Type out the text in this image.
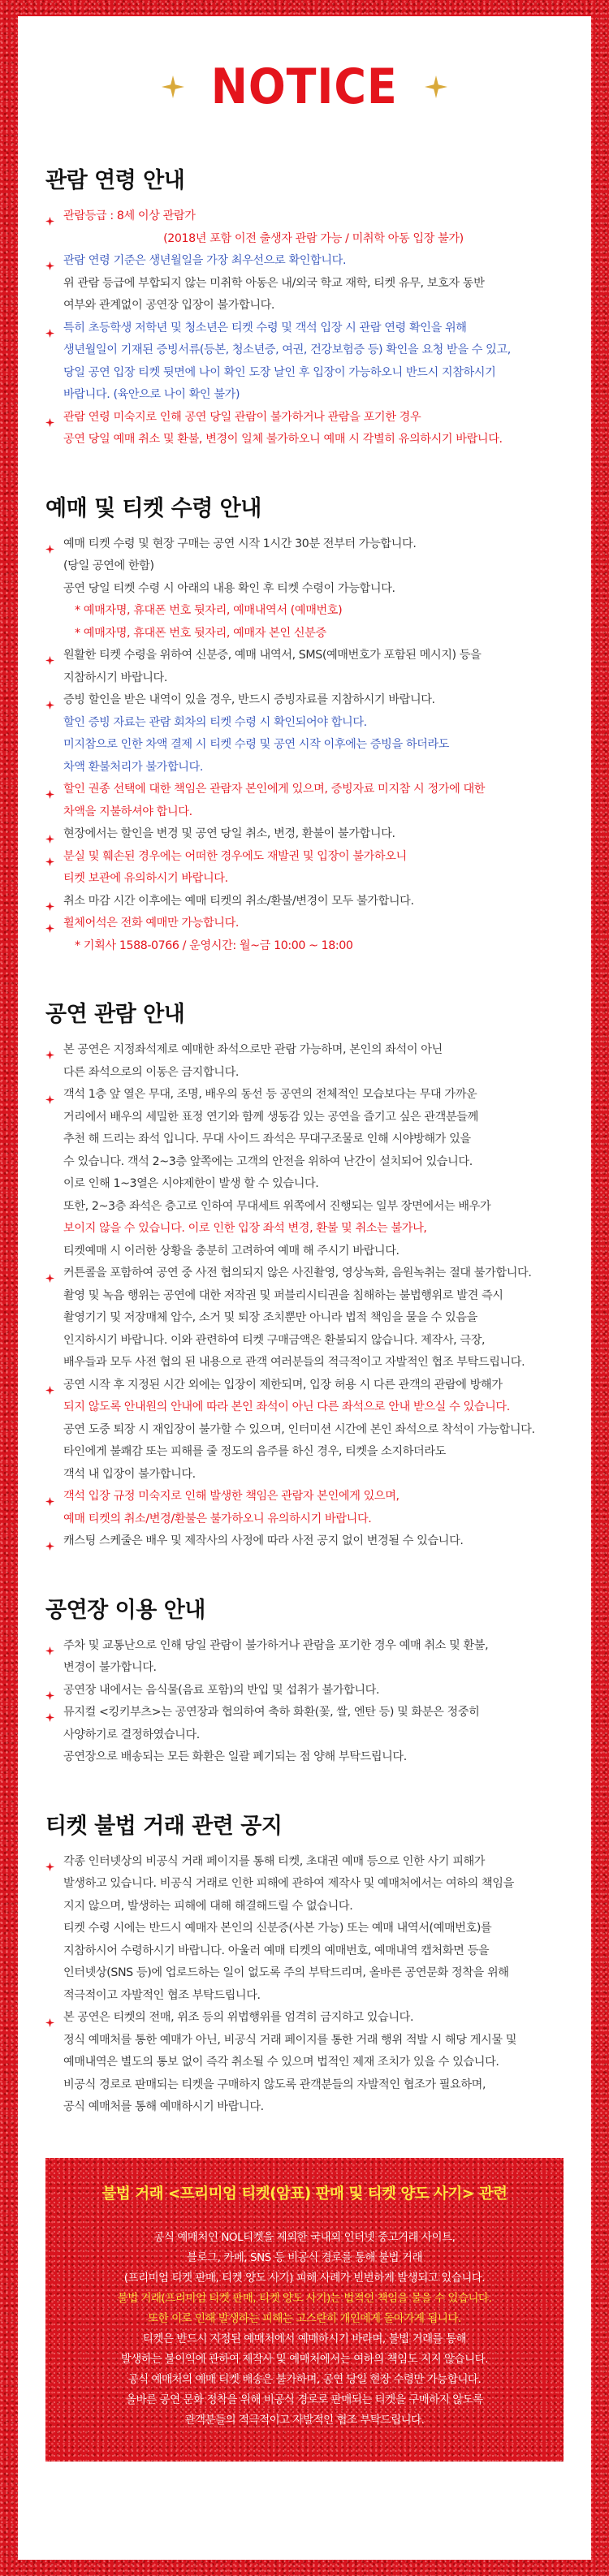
NOTICE
관람 연령 안내
관람등급 : 8세 이상 관람가
(2018년 포함 이전 출생자 관람 가능 / 미취학 아동 입장 불가)
관람 연령 기준은 생년월일을 가장 최우선으로 확인합니다.
위 관람 등급에 부합되지 않는 미취학 아동은 내/외국 학교 재학, 티켓 유무, 보호자 동반
여부와 관계없이 공연장 입장이 불가합니다.
특히 초등학생 저학년 및 청소년은 티켓 수령 및 객석 입장 시 관람 연령 확인을 위해
생년월일이 기재된 증빙서류(등본, 청소년증, 여권, 건강보험증 등) 확인을 요청 받을 수 있고,
당일 공연 입장 티켓 뒷면에 나이 확인 도장 날인 후 입장이 가능하오니 반드시 지참하시기
바랍니다. (육안으로 나이 확인 불가)
관람 연령 미숙지로 인해 공연 당일 관람이 불가하거나 관람을 포기한 경우
공연 당일 예매 취소 및 환불, 변경이 일체 불가하오니 예매 시 각별히 유의하시기 바랍니다.
예매 및 티켓 수령 안내
예매 티켓 수령 및 현장 구매는 공연 시작 1시간 30분 전부터 가능합니다.
(당일 공연에 한함)
공연 당일 티켓 수령 시 아래의 내용 확인 후 티켓 수령이 가능합니다.
* 예매자명, 휴대폰 번호 뒷자리, 예매내역서 (예매번호)
* 예매자명, 휴대폰 번호 뒷자리, 예매자 본인 신분증
원활한 티켓 수령을 위하여 신분증, 예매 내역서, SMS(예매번호가 포함된 메시지) 등을
지참하시기 바랍니다.
증빙 할인을 받은 내역이 있을 경우, 반드시 증빙자료를 지참하시기 바랍니다.
할인 증빙 자료는 관람 회차의 티켓 수령 시 확인되어야 합니다.
미지참으로 인한 차액 결제 시 티켓 수령 및 공연 시작 이후에는 증빙을 하더라도
차액 환불처리가 불가합니다.
할인 권종 선택에 대한 책임은 관람자 본인에게 있으며, 증빙자료 미지참 시 정가에 대한
차액을 지불하셔야 합니다.
현장에서는 할인을 변경 및 공연 당일 취소, 변경, 환불이 불가합니다.
분실 및 훼손된 경우에는 어떠한 경우에도 재발권 및 입장이 불가하오니
티켓 보관에 유의하시기 바랍니다.
취소 마감 시간 이후에는 예매 티켓의 취소/환불/변경이 모두 불가합니다.
휠체어석은 전화 예매만 가능합니다.
* 기획사 1588-0766 / 운영시간: 월~금 10:00 ~ 18:00
공연 관람 안내
본 공연은 지정좌석제로 예매한 좌석으로만 관람 가능하며, 본인의 좌석이 아닌
다른 좌석으로의 이동은 금지합니다.
객석 1층 앞 열은 무대, 조명, 배우의 동선 등 공연의 전체적인 모습보다는 무대 가까운
거리에서 배우의 세밀한 표정 연기와 함께 생동감 있는 공연을 즐기고 싶은 관객분들께
추천 해 드리는 좌석 입니다. 무대 사이드 좌석은 무대구조물로 인해 시야방해가 있을
수 있습니다. 객석 2~3층 앞쪽에는 고객의 안전을 위하여 난간이 설치되어 있습니다.
이로 인해 1~3열은 시야제한이 발생 할 수 있습니다.
또한, 2~3층 좌석은 층고로 인하여 무대세트 위쪽에서 진행되는 일부 장면에서는 배우가
보이지 않을 수 있습니다. 이로 인한 입장 좌석 변경, 환불 및 취소는 불가나,
티켓예매 시 이러한 상황을 충분히 고려하여 예매 해 주시기 바랍니다.
커튼콜을 포함하여 공연 중 사전 협의되지 않은 사진촬영, 영상녹화, 음원녹취는 절대 불가합니다.
촬영 및 녹음 행위는 공연에 대한 저작권 및 퍼블리시티권을 침해하는 불법행위로 발견 즉시
촬영기기 및 저장매체 압수, 소거 및 퇴장 조치뿐만 아니라 법적 책임을 물을 수 있음을
인지하시기 바랍니다. 이와 관련하여 티켓 구매금액은 환불되지 않습니다. 제작사, 극장,
배우들과 모두 사전 협의 된 내용으로 관객 여러분들의 적극적이고 자발적인 협조 부탁드립니다.
공연 시작 후 지정된 시간 외에는 입장이 제한되며, 입장 허용 시 다른 관객의 관람에 방해가
되지 않도록 안내원의 안내에 따라 본인 좌석이 아닌 다른 좌석으로 안내 받으실 수 있습니다.
공연 도중 퇴장 시 재입장이 불가할 수 있으며, 인터미션 시간에 본인 좌석으로 착석이 가능합니다.
타인에게 불쾌감 또는 피해를 줄 정도의 음주를 하신 경우, 티켓을 소지하더라도
객석 내 입장이 불가합니다.
객석 입장 규정 미숙지로 인해 발생한 책임은 관람자 본인에게 있으며,
예매 티켓의 취소/변경/환불은 불가하오니 유의하시기 바랍니다.
캐스팅 스케줄은 배우 및 제작사의 사정에 따라 사전 공지 없이 변경될 수 있습니다.
공연장 이용 안내
주차 및 교통난으로 인해 당일 관람이 불가하거나 관람을 포기한 경우 예매 취소 및 환불,
변경이 불가합니다.
공연장 내에서는 음식물(음료 포함)의 반입 및 섭취가 불가합니다.
뮤지컬 <킹키부츠>는 공연장과 협의하여 축하 화환(꽃, 쌀, 엔탄 등) 및 화분은 정중히
사양하기로 결정하였습니다.
공연장으로 배송되는 모든 화환은 일괄 폐기되는 점 양해 부탁드립니다.
티켓 불법 거래 관련 공지
각종 인터넷상의 비공식 거래 페이지를 통해 티켓, 초대권 예매 등으로 인한 사기 피해가
발생하고 있습니다. 비공식 거래로 인한 피해에 관하여 제작사 및 예매처에서는 여하의 책임을
지지 않으며, 발생하는 피해에 대해 해결해드릴 수 없습니다.
티켓 수령 시에는 반드시 예매자 본인의 신분증(사본 가능) 또는 예매 내역서(예매번호)를
지참하시어 수령하시기 바랍니다. 아울러 예매 티켓의 예매번호, 예매내역 캡처화면 등을
인터넷상(SNS 등)에 업로드하는 일이 없도록 주의 부탁드리며, 올바른 공연문화 정착을 위해
적극적이고 자발적인 협조 부탁드립니다.
본 공연은 티켓의 전매, 위조 등의 위법행위를 엄격히 금지하고 있습니다.
정식 예매처를 통한 예매가 아닌, 비공식 거래 페이지를 통한 거래 행위 적발 시 해당 게시물 및
예매내역은 별도의 통보 없이 즉각 취소될 수 있으며 법적인 제재 조치가 있을 수 있습니다.
비공식 경로로 판매되는 티켓을 구매하지 않도록 관객분들의 자발적인 협조가 필요하며,
공식 예매처를 통해 예매하시기 바랍니다.
불법 거래 <프리미엄 티켓(암표) 판매 및 티켓 양도 사기> 관련
공식 예매처인 NOL티켓을 제외한 국내외 인터넷 중고거래 사이트,
블로그, 카페, SNS 등 비공식 경로를 통해 불법 거래
(프리미엄 티켓 판매, 티켓 양도 사기) 피해 사례가 빈번하게 발생되고 있습니다.
불법 거래(프리미엄 티켓 판매, 티켓 양도 사기)는 법적인 책임을 물을 수 있습니다.
또한 이로 인해 발생하는 피해는 고스란히 개인에게 돌아가게 됩니다.
티켓은 반드시 지정된 예매처에서 예매하시기 바라며, 불법 거래를 통해
발생하는 불이익에 관하여 제작사 및 예매처에서는 여하의 책임도 지지 않습니다.
공식 예매처의 예매 티켓 배송은 불가하며, 공연 당일 현장 수령만 가능합니다.
올바른 공연 문화 정착을 위해 비공식 경로로 판매되는 티켓을 구매하지 않도록
관객분들의 적극적이고 자발적인 협조 부탁드립니다.
